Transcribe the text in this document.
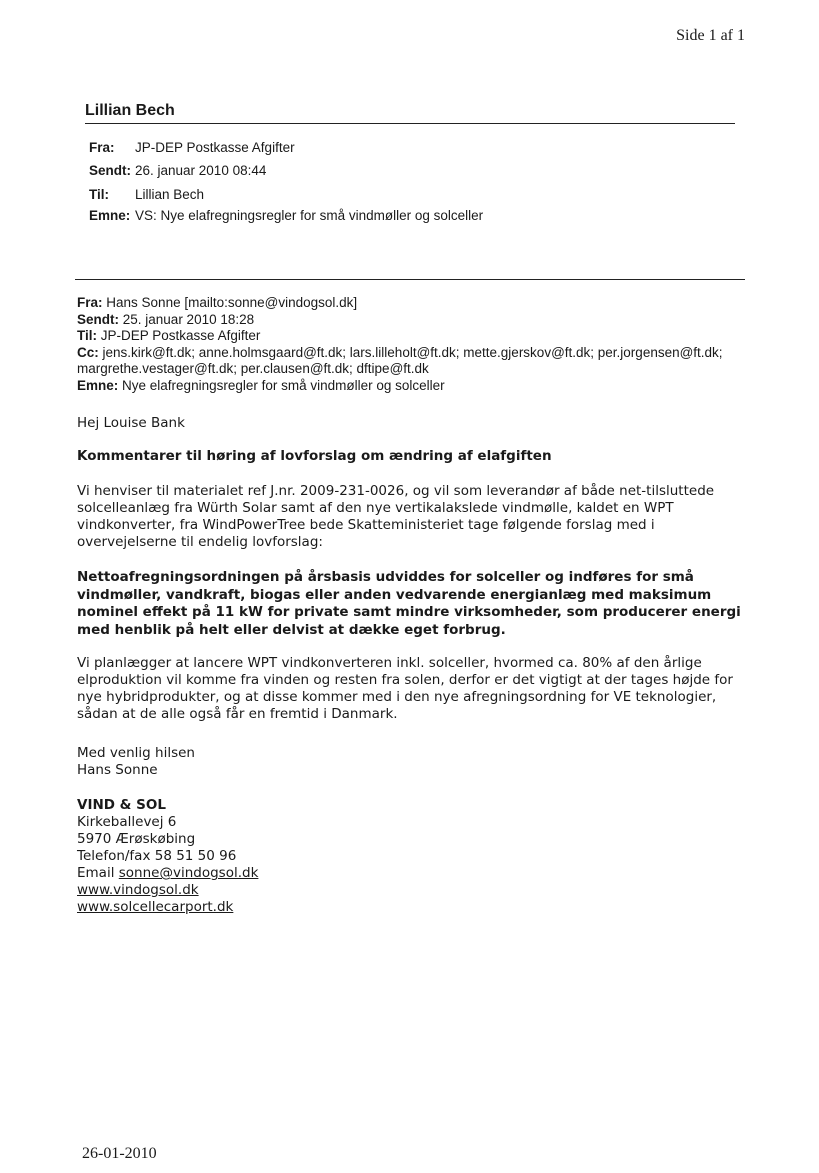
Side 1 af 1
Lillian Bech
Fra: JP-DEP Postkasse Afgifter
Sendt: 26. januar 2010 08:44
Til: Lillian Bech
Emne: VS: Nye elafregningsregler for små vindmøller og solceller
Fra: Hans Sonne [mailto:sonne@vindogsol.dk]
Sendt: 25. januar 2010 18:28
Til: JP-DEP Postkasse Afgifter
Cc: jens.kirk@ft.dk; anne.holmsgaard@ft.dk; lars.lilleholt@ft.dk; mette.gjerskov@ft.dk; per.jorgensen@ft.dk; margrethe.vestager@ft.dk; per.clausen@ft.dk; dftipe@ft.dk
Emne: Nye elafregningsregler for små vindmøller og solceller
Hej Louise Bank
Kommentarer til høring af lovforslag om ændring af elafgiften
Vi henviser til materialet ref J.nr. 2009-231-0026, og vil som leverandør af både net-tilsluttede solcelleanlæg fra Würth Solar samt af den nye vertikalakslede vindmølle, kaldet en WPT vindkonverter, fra WindPowerTree bede Skatteministeriet tage følgende forslag med i overvejelserne til endelig lovforslag:
Nettoafregningsordningen på årsbasis udviddes for solceller og indføres for små vindmøller, vandkraft, biogas eller anden vedvarende energianlæg med maksimum nominel effekt på 11 kW for private samt mindre virksomheder, som producerer energi med henblik på helt eller delvist at dække eget forbrug.
Vi planlægger at lancere WPT vindkonverteren inkl. solceller, hvormed ca. 80% af den årlige elproduktion vil komme fra vinden og resten fra solen, derfor er det vigtigt at der tages højde for nye hybridprodukter, og at disse kommer med i den nye afregningsordning for VE teknologier, sådan at de alle også får en fremtid i Danmark.
Med venlig hilsen
Hans Sonne
VIND & SOL
Kirkeballevej 6
5970 Ærøskøbing
Telefon/fax 58 51 50 96
Email sonne@vindogsol.dk
www.vindogsol.dk
www.solcellecarport.dk
26-01-2010
